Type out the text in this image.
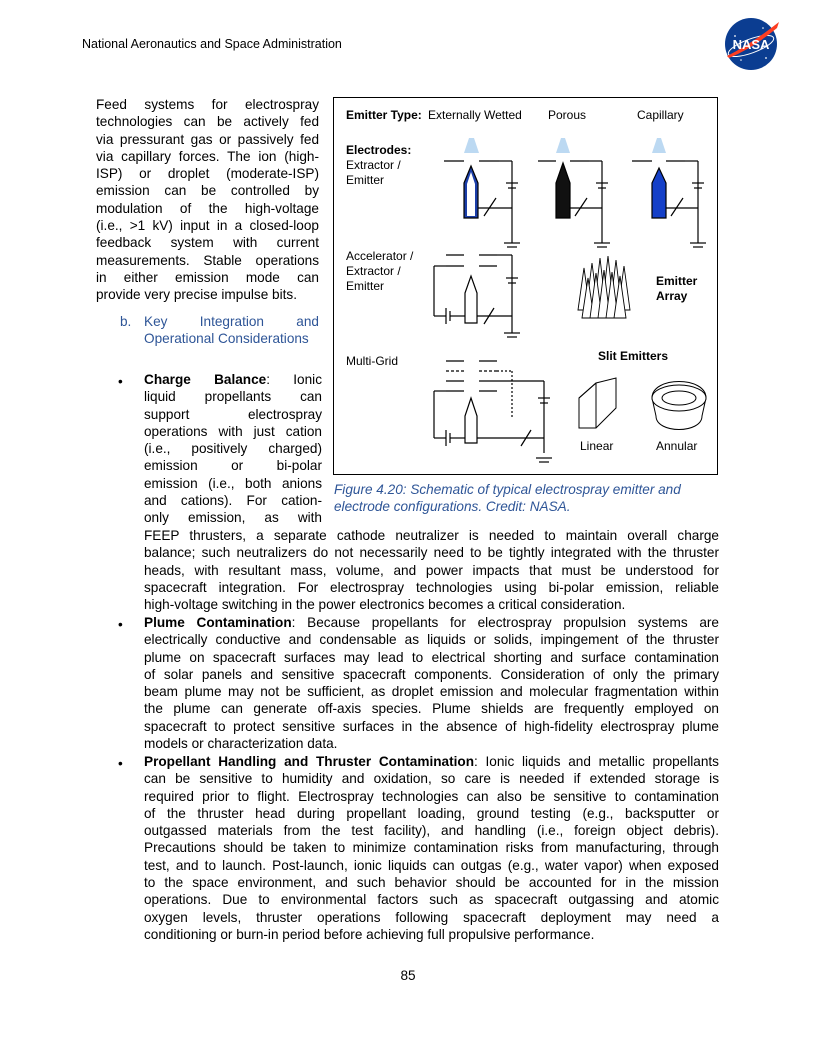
National Aeronautics and Space Administration	NASA
Feed systems for electrospray
technologies can be actively fed
via pressurant gas or passively fed
via capillary forces. The ion (high-
ISP) or droplet (moderate-ISP)
emission can be controlled by
modulation of the high-voltage
(i.e., >1 kV) input in a closed-loop
feedback system with current
measurements. Stable operations
in either emission mode can
provide very precise impulse bits.
b. Key Integration and Operational Considerations
Emitter Type: Externally Wetted Porous	Capillary
Electrodes:
Extractor /
Emitter
Accelerator /
Extractor /
Emitter	Emitter
Array
Multi-Grid	Slit Emitters
Linear	Annular
Figure 4.20: Schematic of typical electrospray emitter and electrode configurations. Credit: NASA.
• Charge Balance: Ionic
liquid propellants can
support electrospray
operations with just cation
(i.e., positively charged)
emission or bi-polar
emission (i.e., both anions
and cations). For cation-
only emission, as with
FEEP thrusters, a separate cathode neutralizer is needed to maintain overall charge
balance; such neutralizers do not necessarily need to be tightly integrated with the thruster
heads, with resultant mass, volume, and power impacts that must be understood for
spacecraft integration. For electrospray technologies using bi-polar emission, reliable
high-voltage switching in the power electronics becomes a critical consideration.
• Plume Contamination: Because propellants for electrospray propulsion systems are
electrically conductive and condensable as liquids or solids, impingement of the thruster
plume on spacecraft surfaces may lead to electrical shorting and surface contamination
of solar panels and sensitive spacecraft components. Consideration of only the primary
beam plume may not be sufficient, as droplet emission and molecular fragmentation within
the plume can generate off-axis species. Plume shields are frequently employed on
spacecraft to protect sensitive surfaces in the absence of high-fidelity electrospray plume
models or characterization data.
• Propellant Handling and Thruster Contamination: Ionic liquids and metallic propellants
can be sensitive to humidity and oxidation, so care is needed if extended storage is
required prior to flight. Electrospray technologies can also be sensitive to contamination
of the thruster head during propellant loading, ground testing (e.g., backsputter or
outgassed materials from the test facility), and handling (i.e., foreign object debris).
Precautions should be taken to minimize contamination risks from manufacturing, through
test, and to launch. Post-launch, ionic liquids can outgas (e.g., water vapor) when exposed
to the space environment, and such behavior should be accounted for in the mission
operations. Due to environmental factors such as spacecraft outgassing and atomic
oxygen levels, thruster operations following spacecraft deployment may need a
conditioning or burn-in period before achieving full propulsive performance.
85
